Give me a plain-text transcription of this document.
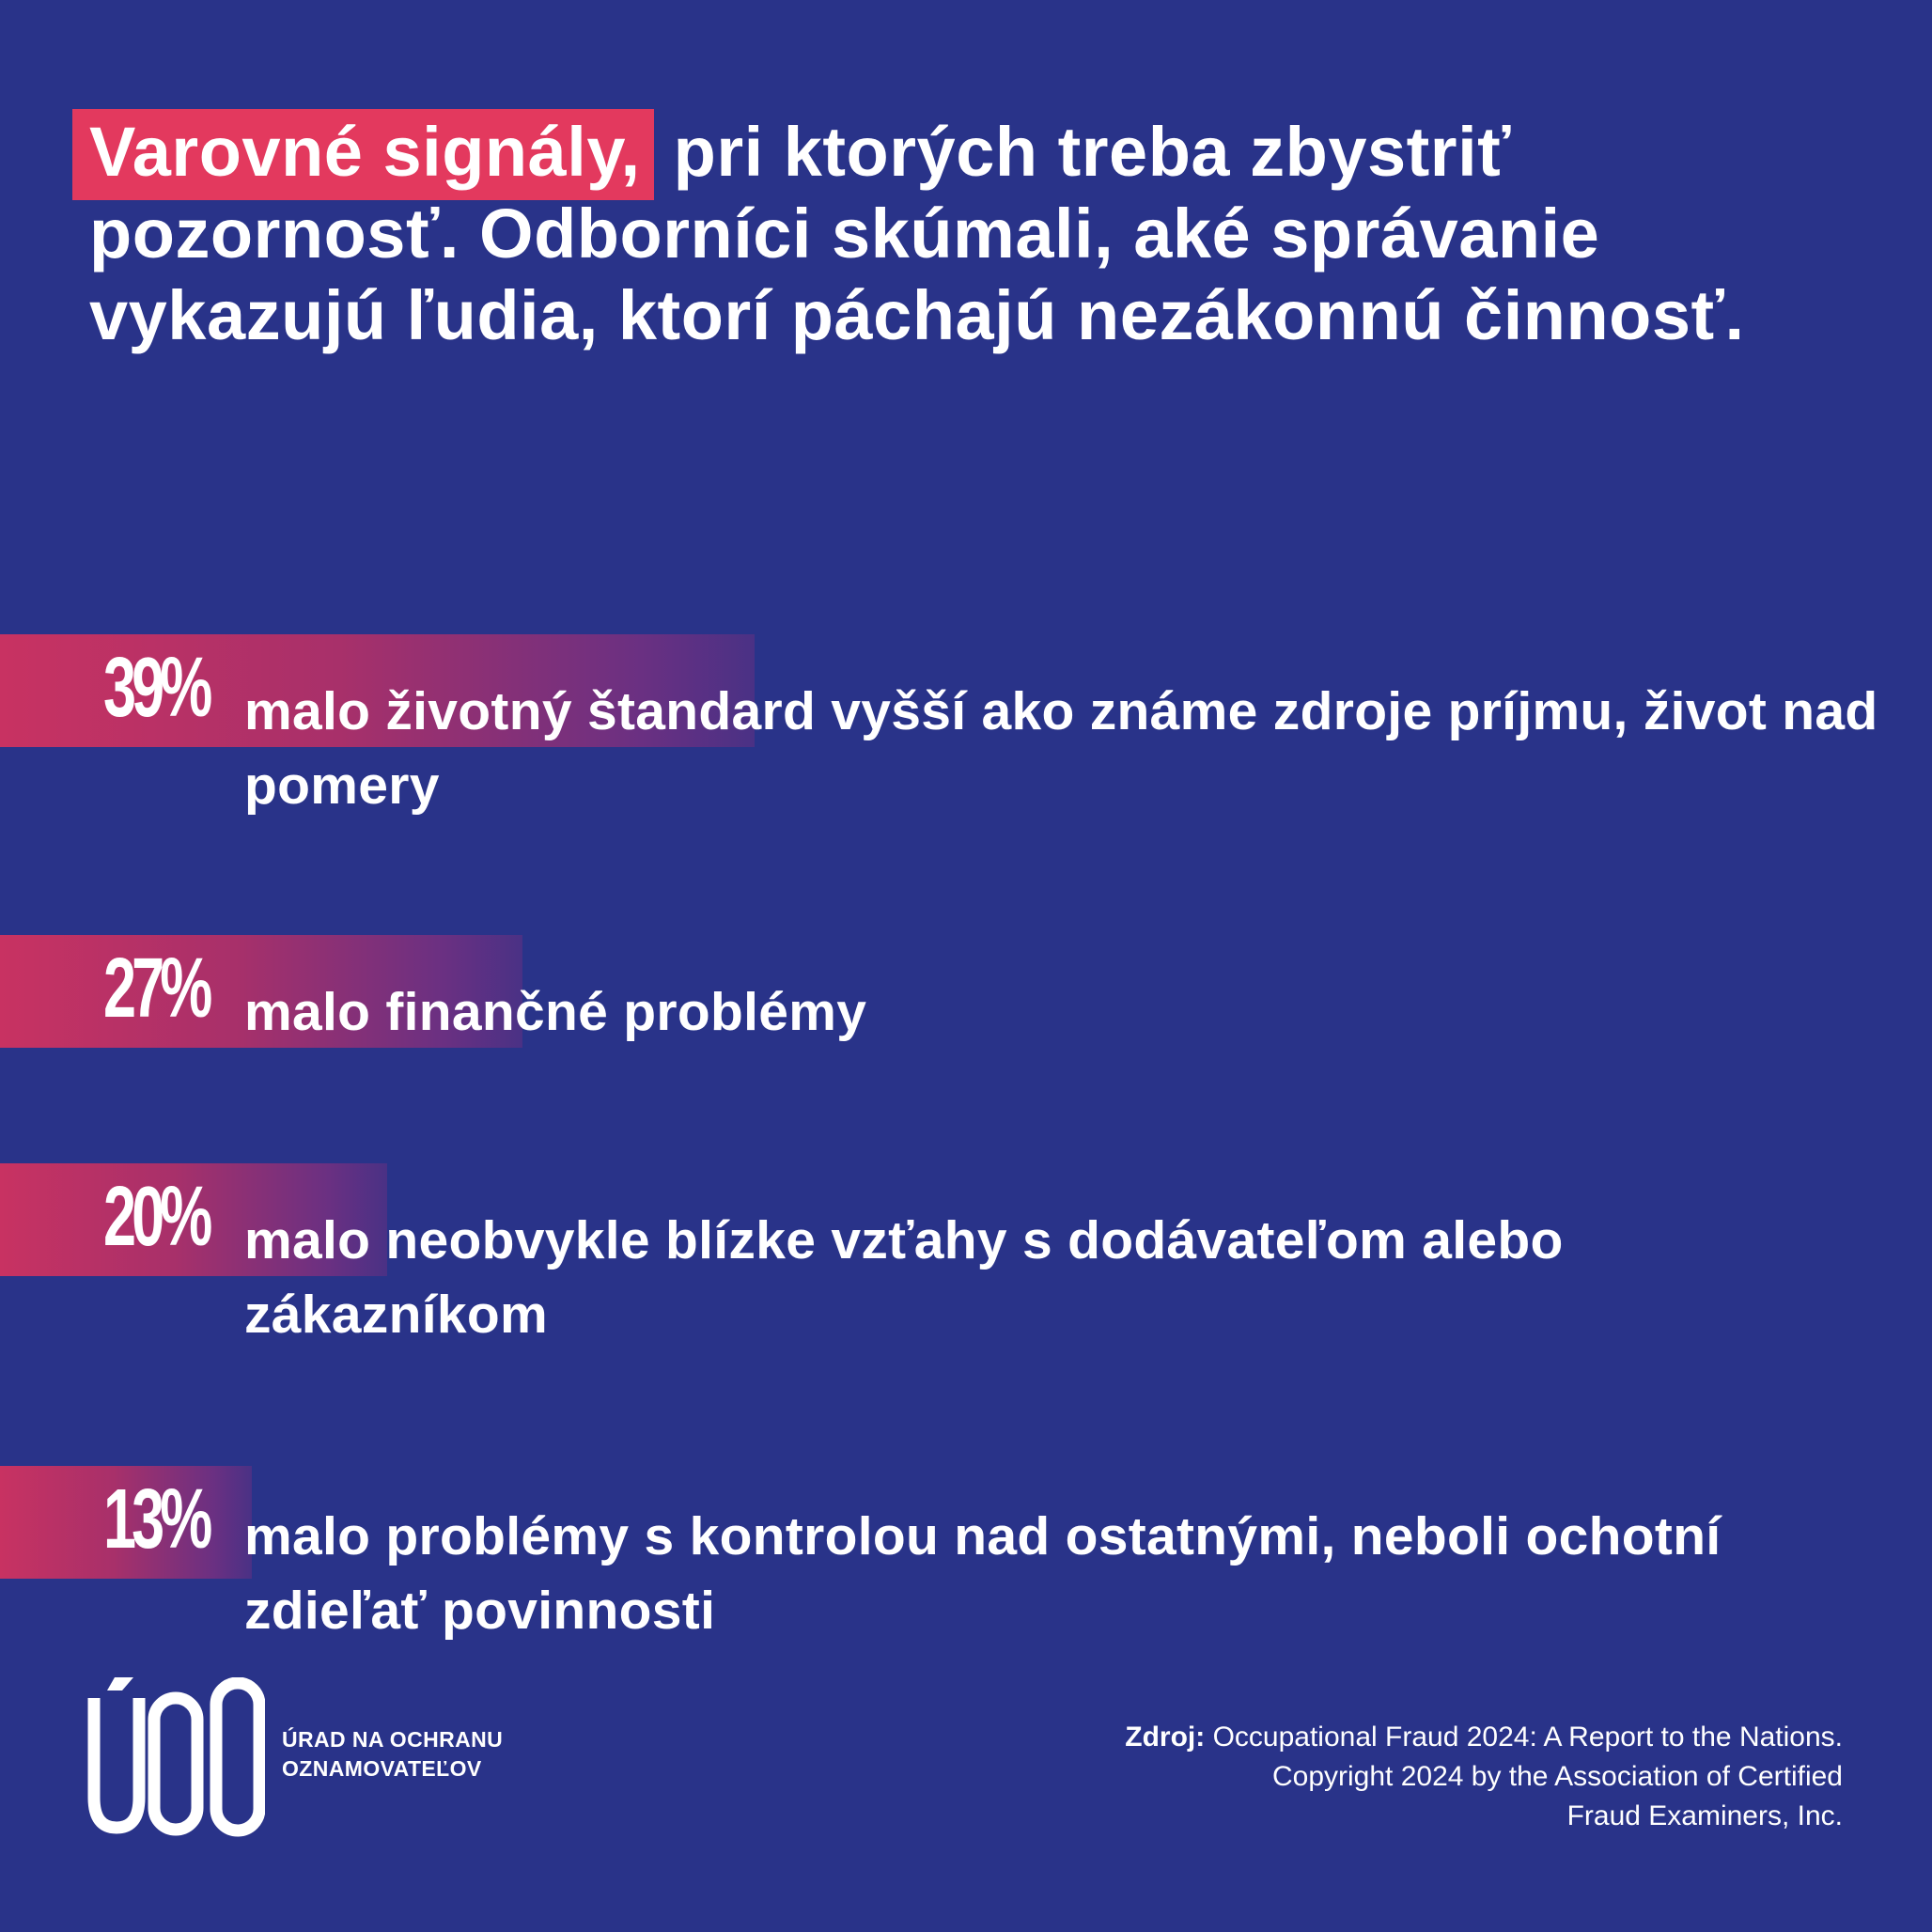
Varovné signály, pri ktorých treba zbystriť pozornosť. Odborníci skúmali, aké správanie vykazujú ľudia, ktorí páchajú nezákonnú činnosť.
39% malo životný štandard vyšší ako známe zdroje príjmu, život nad pomery
27% malo finančné problémy
20% malo neobvykle blízke vzťahy s dodávateľom alebo zákazníkom
13% malo problémy s kontrolou nad ostatnými, neboli ochotní zdieľať povinnosti
ÚRAD NA OCHRANU
OZNAMOVATEĽOV
Zdroj: Occupational Fraud 2024: A Report to the Nations.
Copyright 2024 by the Association of Certified
Fraud Examiners, Inc.
